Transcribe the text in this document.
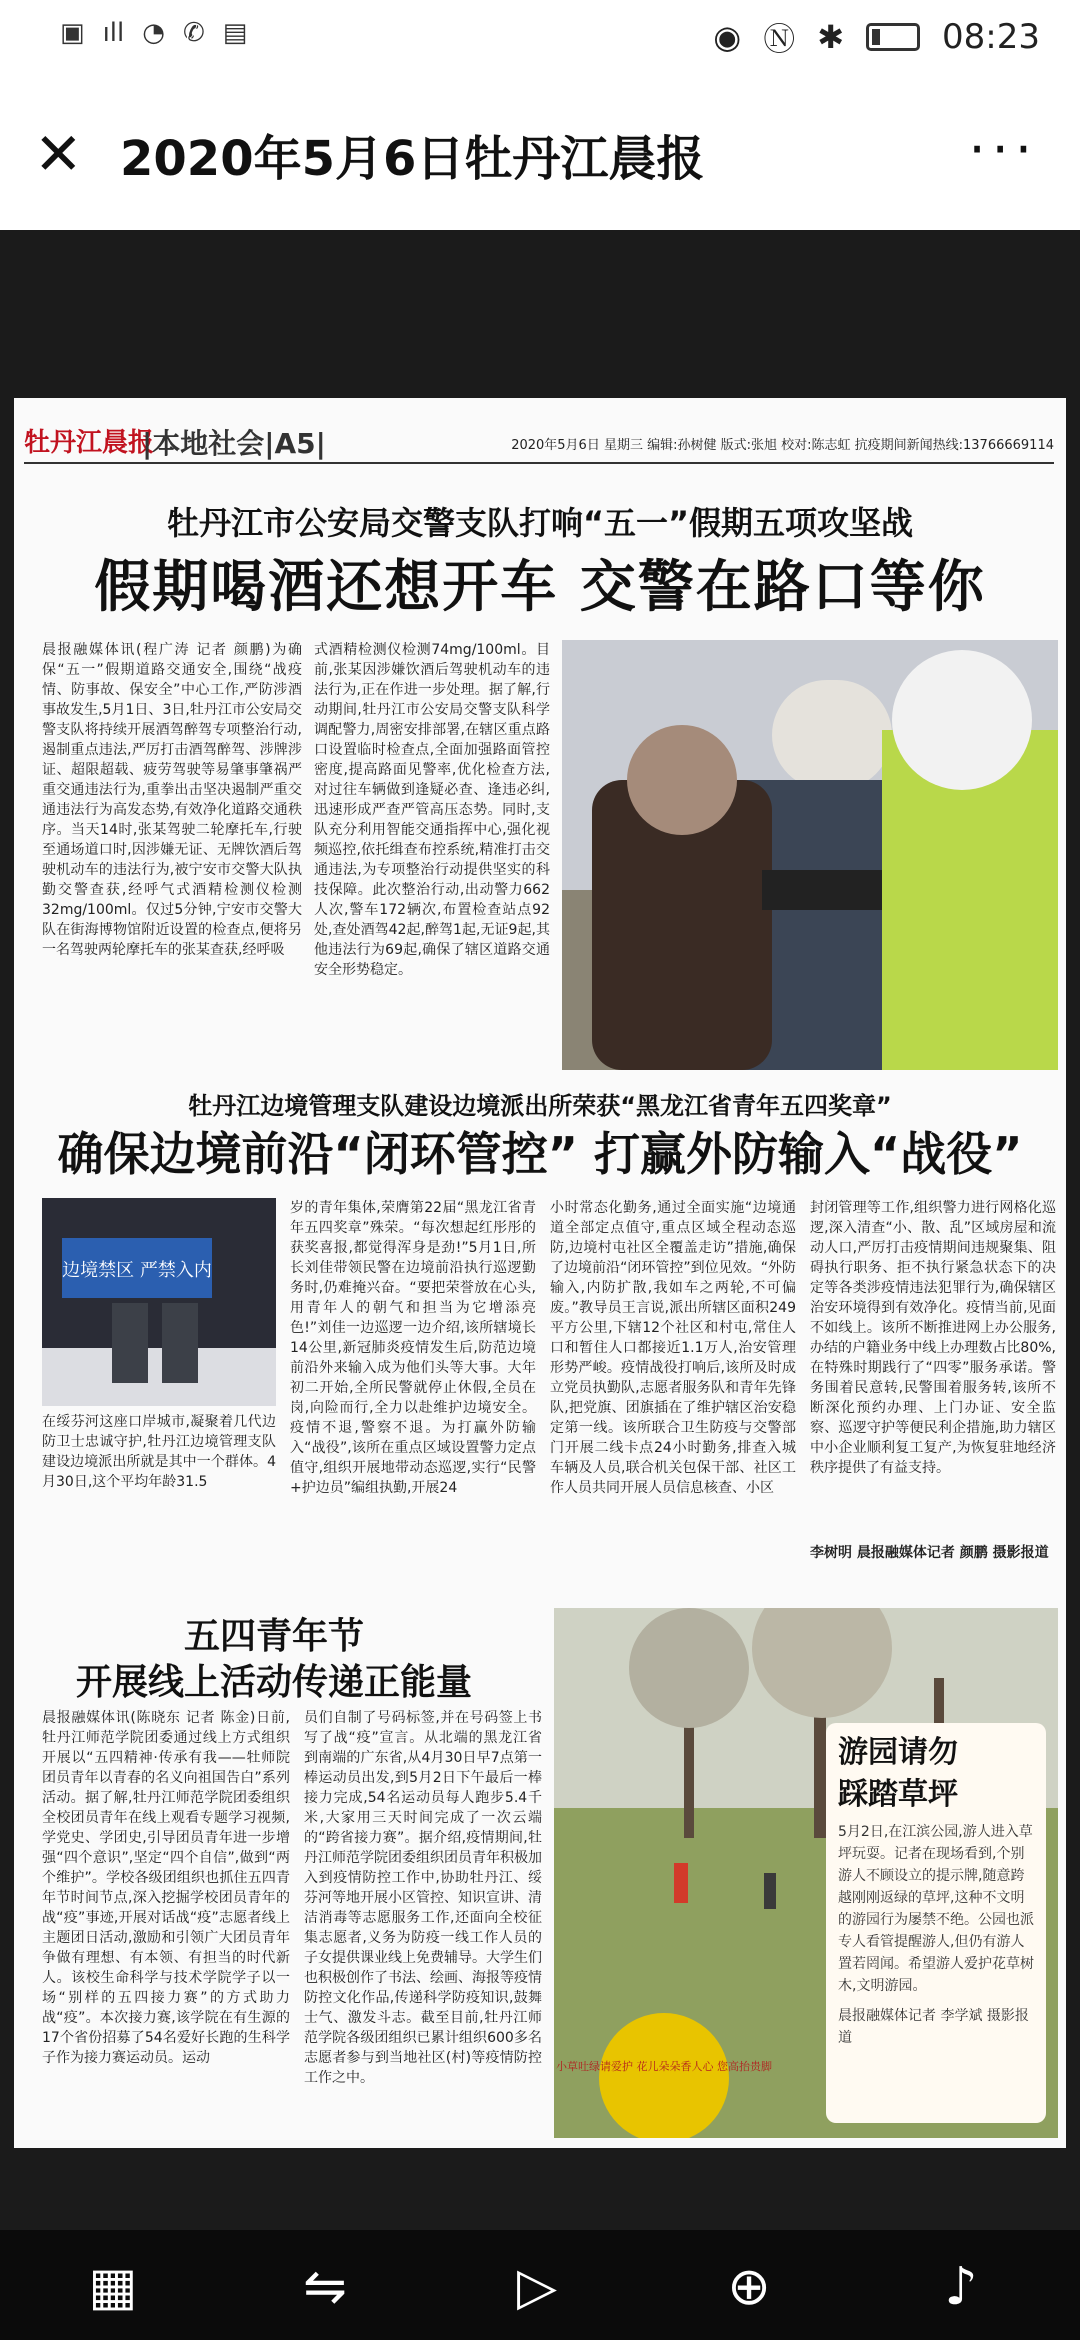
▣ ıll ◔ ✆ ▤	◉ Ⓝ ✱	08:23
✕ 2020年5月6日牡丹江晨报	···
牡丹江晨报
|本地社会|A5|	2020年5月6日 星期三 编辑:孙树健 版式:张旭 校对:陈志虹 抗疫期间新闻热线:13766669114
牡丹江市公安局交警支队打响“五一”假期五项攻坚战
假期喝酒还想开车 交警在路口等你
晨报融媒体讯(程广涛 记者 颜鹏)为确保“五一”假期道路交通安全,围绕“战疫情、防事故、保安全”中心工作,严防涉酒事故发生,5月1日、3日,牡丹江市公安局交警支队将持续开展酒驾醉驾专项整治行动,遏制重点违法,严厉打击酒驾醉驾、涉牌涉证、超限超载、疲劳驾驶等易肇事肇祸严重交通违法行为,重拳出击坚决遏制严重交通违法行为高发态势,有效净化道路交通秩序。当天14时,张某驾驶二轮摩托车,行驶至通场道口时,因涉嫌无证、无牌饮酒后驾驶机动车的违法行为,被宁安市交警大队执勤交警查获,经呼气式酒精检测仪检测32mg/100ml。仅过5分钟,宁安市交警大队在街海博物馆附近设置的检查点,便将另一名驾驶两轮摩托车的张某查获,经呼吸
式酒精检测仪检测74mg/100ml。目前,张某因涉嫌饮酒后驾驶机动车的违法行为,正在作进一步处理。据了解,行动期间,牡丹江市公安局交警支队科学调配警力,周密安排部署,在辖区重点路口设置临时检查点,全面加强路面管控密度,提高路面见警率,优化检查方法,对过往车辆做到逢疑必查、逢违必纠,迅速形成严查严管高压态势。同时,支队充分利用智能交通指挥中心,强化视频巡控,依托缉查布控系统,精准打击交通违法,为专项整治行动提供坚实的科技保障。此次整治行动,出动警力662人次,警车172辆次,布置检查站点92处,查处酒驾42起,醉驾1起,无证9起,其他违法行为69起,确保了辖区道路交通安全形势稳定。
牡丹江边境管理支队建设边境派出所荣获“黑龙江省青年五四奖章”
确保边境前沿“闭环管控” 打赢外防输入“战役”
边境禁区 严禁入内
在绥芬河这座口岸城市,凝聚着几代边防卫士忠诚守护,牡丹江边境管理支队建设边境派出所就是其中一个群体。4月30日,这个平均年龄31.5
岁的青年集体,荣膺第22届“黑龙江省青年五四奖章”殊荣。“每次想起红彤彤的获奖喜报,都觉得浑身是劲!”5月1日,所长刘佳带领民警在边境前沿执行巡逻勤务时,仍难掩兴奋。“要把荣誉放在心头,用青年人的朝气和担当为它增添亮色!”刘佳一边巡逻一边介绍,该所辖境长14公里,新冠肺炎疫情发生后,防范边境前沿外来输入成为他们头等大事。大年初二开始,全所民警就停止休假,全员在岗,向险而行,全力以赴维护边境安全。疫情不退,警察不退。为打赢外防输入“战役”,该所在重点区域设置警力定点值守,组织开展地带动态巡逻,实行“民警+护边员”编组执勤,开展24
小时常态化勤务,通过全面实施“边境通道全部定点值守,重点区域全程动态巡防,边境村屯社区全覆盖走访”措施,确保了边境前沿“闭环管控”到位见效。“外防输入,内防扩散,我如车之两轮,不可偏废。”教导员王言说,派出所辖区面积249平方公里,下辖12个社区和村屯,常住人口和暂住人口都接近1.1万人,治安管理形势严峻。疫情战役打响后,该所及时成立党员执勤队,志愿者服务队和青年先锋队,把党旗、团旗插在了维护辖区治安稳定第一线。该所联合卫生防疫与交警部门开展二线卡点24小时勤务,排查入城车辆及人员,联合机关包保干部、社区工作人员共同开展人员信息核查、小区
封闭管理等工作,组织警力进行网格化巡逻,深入清查“小、散、乱”区域房屋和流动人口,严厉打击疫情期间违规聚集、阻碍执行职务、拒不执行紧急状态下的决定等各类涉疫情违法犯罪行为,确保辖区治安环境得到有效净化。疫情当前,见面不如线上。该所不断推进网上办公服务,办结的户籍业务中线上办理数占比80%,在特殊时期践行了“四零”服务承诺。警务围着民意转,民警围着服务转,该所不断深化预约办理、上门办证、安全监察、巡逻守护等便民利企措施,助力辖区中小企业顺利复工复产,为恢复驻地经济秩序提供了有益支持。
李树明 晨报融媒体记者 颜鹏 摄影报道
五四青年节
开展线上活动传递正能量
晨报融媒体讯(陈晓东 记者 陈金)日前,牡丹江师范学院团委通过线上方式组织开展以“五四精神·传承有我——牡师院团员青年以青春的名义向祖国告白”系列活动。据了解,牡丹江师范学院团委组织全校团员青年在线上观看专题学习视频,学党史、学团史,引导团员青年进一步增强“四个意识”,坚定“四个自信”,做到“两个维护”。学校各级团组织也抓住五四青年节时间节点,深入挖掘学校团员青年的战“疫”事迹,开展对话战“疫”志愿者线上主题团日活动,激励和引领广大团员青年争做有理想、有本领、有担当的时代新人。该校生命科学与技术学院学子以一场“别样的五四接力赛”的方式助力战“疫”。本次接力赛,该学院在有生源的17个省份招募了54名爱好长跑的生科学子作为接力赛运动员。运动
员们自制了号码标签,并在号码签上书写了战“疫”宣言。从北端的黑龙江省到南端的广东省,从4月30日早7点第一棒运动员出发,到5月2日下午最后一棒接力完成,54名运动员每人跑步5.4千米,大家用三天时间完成了一次云端的“跨省接力赛”。据介绍,疫情期间,牡丹江师范学院团委组织团员青年积极加入到疫情防控工作中,协助牡丹江、绥芬河等地开展小区管控、知识宣讲、清洁消毒等志愿服务工作,还面向全校征集志愿者,义务为防疫一线工作人员的子女提供课业线上免费辅导。大学生们也积极创作了书法、绘画、海报等疫情防控文化作品,传递科学防疫知识,鼓舞士气、激发斗志。截至目前,牡丹江师范学院各级团组织已累计组织600多名志愿者参与到当地社区(村)等疫情防控工作之中。
小草吐绿请爱护 花儿朵朵香人心 您高抬贵脚
游园请勿
踩踏草坪
5月2日,在江滨公园,游人进入草坪玩耍。记者在现场看到,个别游人不顾设立的提示牌,随意跨越刚刚返绿的草坪,这种不文明的游园行为屡禁不绝。公园也派专人看管提醒游人,但仍有游人置若罔闻。希望游人爱护花草树木,文明游园。
晨报融媒体记者 李学斌 摄影报道
▦	⇋	▷	⊕	♪
